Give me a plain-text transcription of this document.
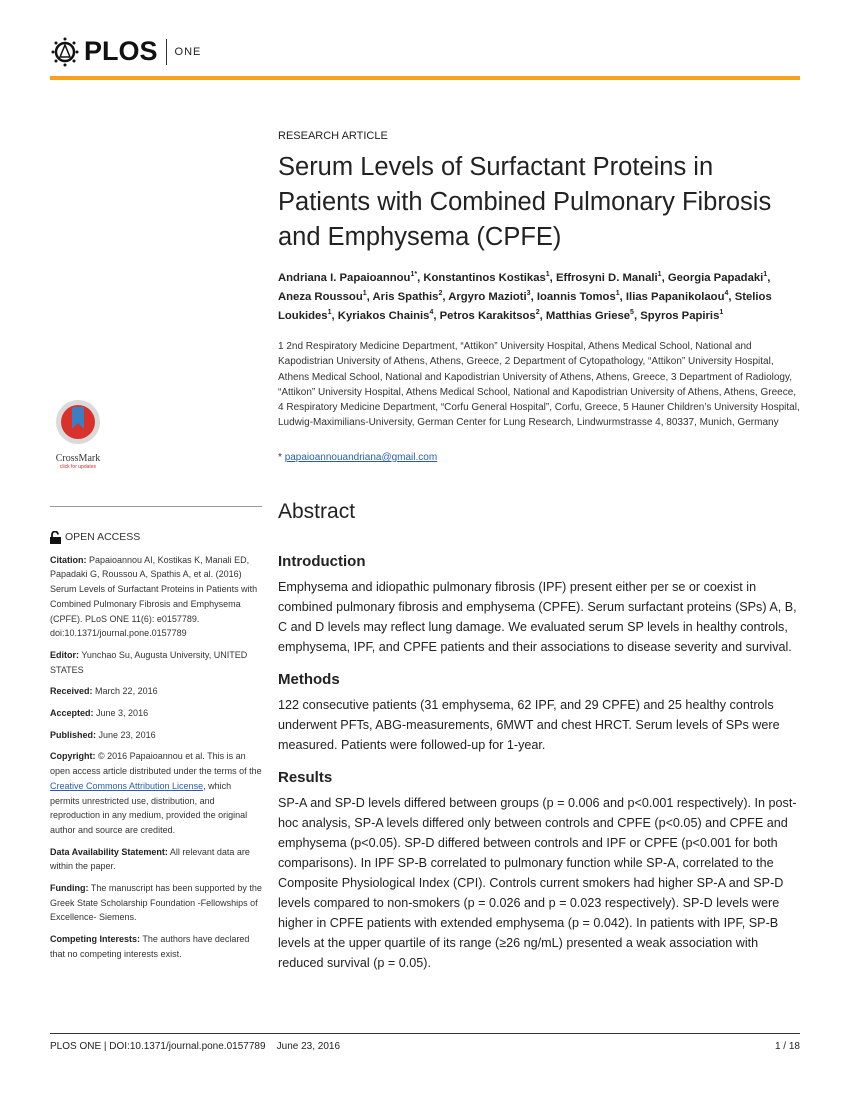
PLOS ONE
RESEARCH ARTICLE
Serum Levels of Surfactant Proteins in Patients with Combined Pulmonary Fibrosis and Emphysema (CPFE)
Andriana I. Papaioannou$^{1*}$, Konstantinos Kostikas$^1$, Effrosyni D. Manali$^1$, Georgia Papadaki$^1$, Aneza Roussou$^1$, Aris Spathis$^2$, Argyro Mazioti$^3$, Ioannis Tomos$^1$, Ilias Papanikolaou$^4$, Stelios Loukides$^1$, Kyriakos Chainis$^4$, Petros Karakitsos$^2$, Matthias Griese$^5$, Spyros Papiris$^1$
1 2nd Respiratory Medicine Department, “Attikon” University Hospital, Athens Medical School, National and Kapodistrian University of Athens, Athens, Greece, 2 Department of Cytopathology, “Attikon” University Hospital, Athens Medical School, National and Kapodistrian University of Athens, Athens, Greece, 3 Department of Radiology, “Attikon” University Hospital, Athens Medical School, National and Kapodistrian University of Athens, Athens, Greece, 4 Respiratory Medicine Department, “Corfu General Hospital”, Corfu, Greece, 5 Hauner Children’s University Hospital, Ludwig-Maximilians-University, German Center for Lung Research, Lindwurmstrasse 4, 80337, Munich, Germany
* papaioannouandriana@gmail.com
CrossMark
click for updates
OPEN ACCESS

Citation: Papaioannou AI, Kostikas K, Manali ED, Papadaki G, Roussou A, Spathis A, et al. (2016) Serum Levels of Surfactant Proteins in Patients with Combined Pulmonary Fibrosis and Emphysema (CPFE). PLoS ONE 11(6): e0157789. doi:10.1371/journal.pone.0157789

Editor: Yunchao Su, Augusta University, UNITED STATES

Received: March 22, 2016

Accepted: June 3, 2016

Published: June 23, 2016

Copyright: © 2016 Papaioannou et al. This is an open access article distributed under the terms of the Creative Commons Attribution License, which permits unrestricted use, distribution, and reproduction in any medium, provided the original author and source are credited.

Data Availability Statement: All relevant data are within the paper.

Funding: The manuscript has been supported by the Greek State Scholarship Foundation -Fellowships of Excellence- Siemens.

Competing Interests: The authors have declared that no competing interests exist.

Abstract
Introduction

Emphysema and idiopathic pulmonary fibrosis (IPF) present either per se or coexist in combined pulmonary fibrosis and emphysema (CPFE). Serum surfactant proteins (SPs) A, B, C and D levels may reflect lung damage. We evaluated serum SP levels in healthy controls, emphysema, IPF, and CPFE patients and their associations to disease severity and survival.

Methods

122 consecutive patients (31 emphysema, 62 IPF, and 29 CPFE) and 25 healthy controls underwent PFTs, ABG-measurements, 6MWT and chest HRCT. Serum levels of SPs were measured. Patients were followed-up for 1-year.

Results

SP-A and SP-D levels differed between groups (p = 0.006 and p<0.001 respectively). In post-hoc analysis, SP-A levels differed only between controls and CPFE (p<0.05) and CPFE and emphysema (p<0.05). SP-D differed between controls and IPF or CPFE (p<0.001 for both comparisons). In IPF SP-B correlated to pulmonary function while SP-A, correlated to the Composite Physiological Index (CPI). Controls current smokers had higher SP-A and SP-D levels compared to non-smokers (p = 0.026 and p = 0.023 respectively). SP-D levels were higher in CPFE patients with extended emphysema (p = 0.042). In patients with IPF, SP-B levels at the upper quartile of its range (≥26 ng/mL) presented a weak association with reduced survival (p = 0.05).

PLOS ONE | DOI:10.1371/journal.pone.0157789    June 23, 2016	1 / 18
